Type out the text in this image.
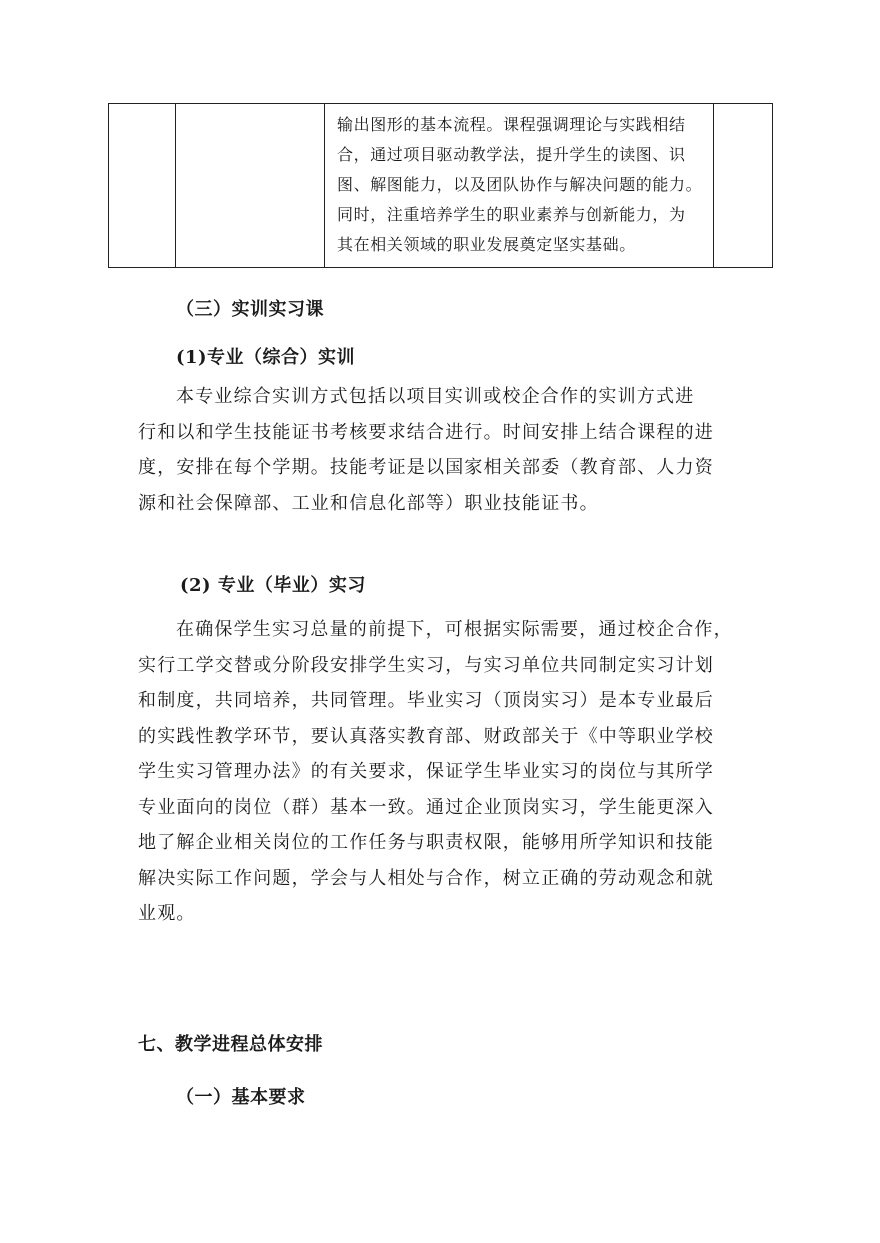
输出图形的基本流程。课程强调理论与实践相结
合，通过项目驱动教学法，提升学生的读图、识
图、解图能力，以及团队协作与解决问题的能力。
同时，注重培养学生的职业素养与创新能力，为
其在相关领域的职业发展奠定坚实基础。

（三）实训实习课
(1)专业（综合）实训
本专业综合实训方式包括以项目实训或校企合作的实训方式进
行和以和学生技能证书考核要求结合进行。时间安排上结合课程的进
度，安排在每个学期。技能考证是以国家相关部委（教育部、人力资
源和社会保障部、工业和信息化部等）职业技能证书。
(2) 专业（毕业）实习
在确保学生实习总量的前提下，可根据实际需要，通过校企合作，
实行工学交替或分阶段安排学生实习，与实习单位共同制定实习计划
和制度，共同培养，共同管理。毕业实习（顶岗实习）是本专业最后
的实践性教学环节，要认真落实教育部、财政部关于《中等职业学校
学生实习管理办法》的有关要求，保证学生毕业实习的岗位与其所学
专业面向的岗位（群）基本一致。通过企业顶岗实习，学生能更深入
地了解企业相关岗位的工作任务与职责权限，能够用所学知识和技能
解决实际工作问题，学会与人相处与合作，树立正确的劳动观念和就
业观。
七、教学进程总体安排
（一）基本要求
